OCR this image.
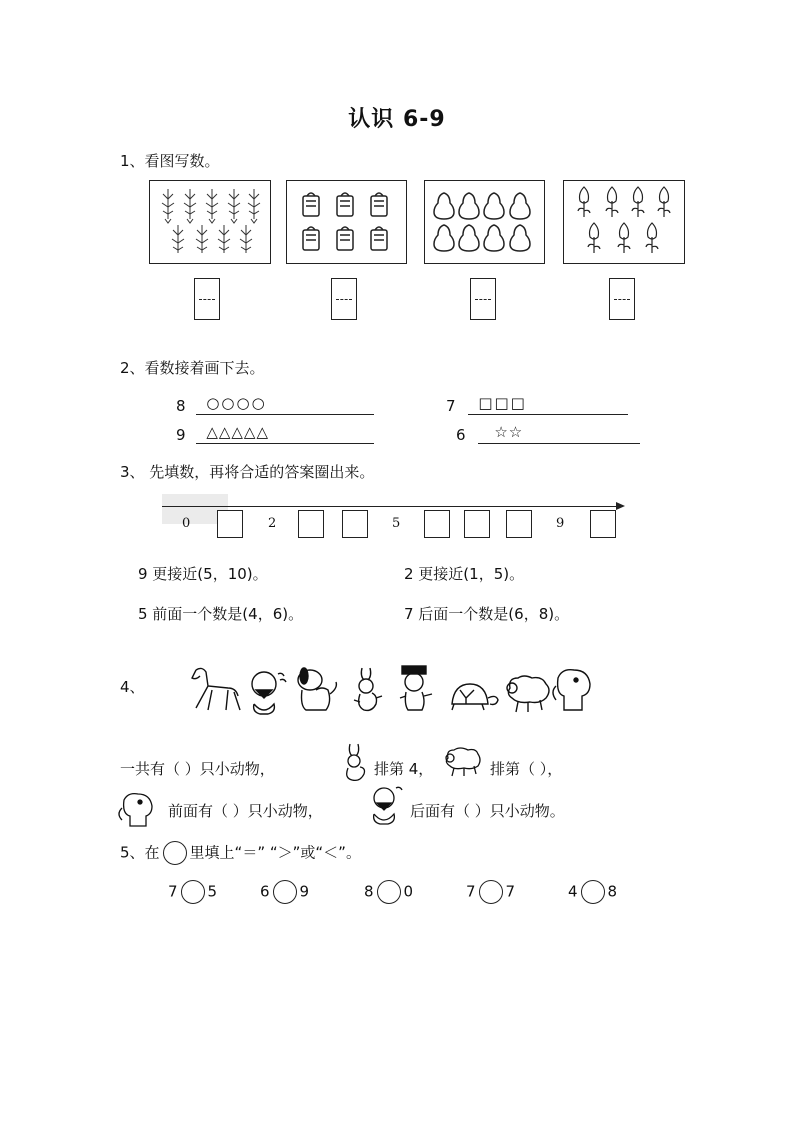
认识 6-9
1、看图写数。
2、看数接着画下去。
8 ○○○○	7 □□□
9 △△△△△	6 ☆☆
3、 先填数，再将合适的答案圈出来。
0	2	5	9
9 更接近(5，10)。	2 更接近(1，5)。
5 前面一个数是(4，6)。	7 后面一个数是(6，8)。
4、
一共有（ ）只小动物，	排第 4，	排第（ ），
前面有（ ）只小动物，	后面有（ ）只小动物。
5、在 里填上“＝” “＞”或“＜”。
7 5	6 9	8 0	7 7	4 8
